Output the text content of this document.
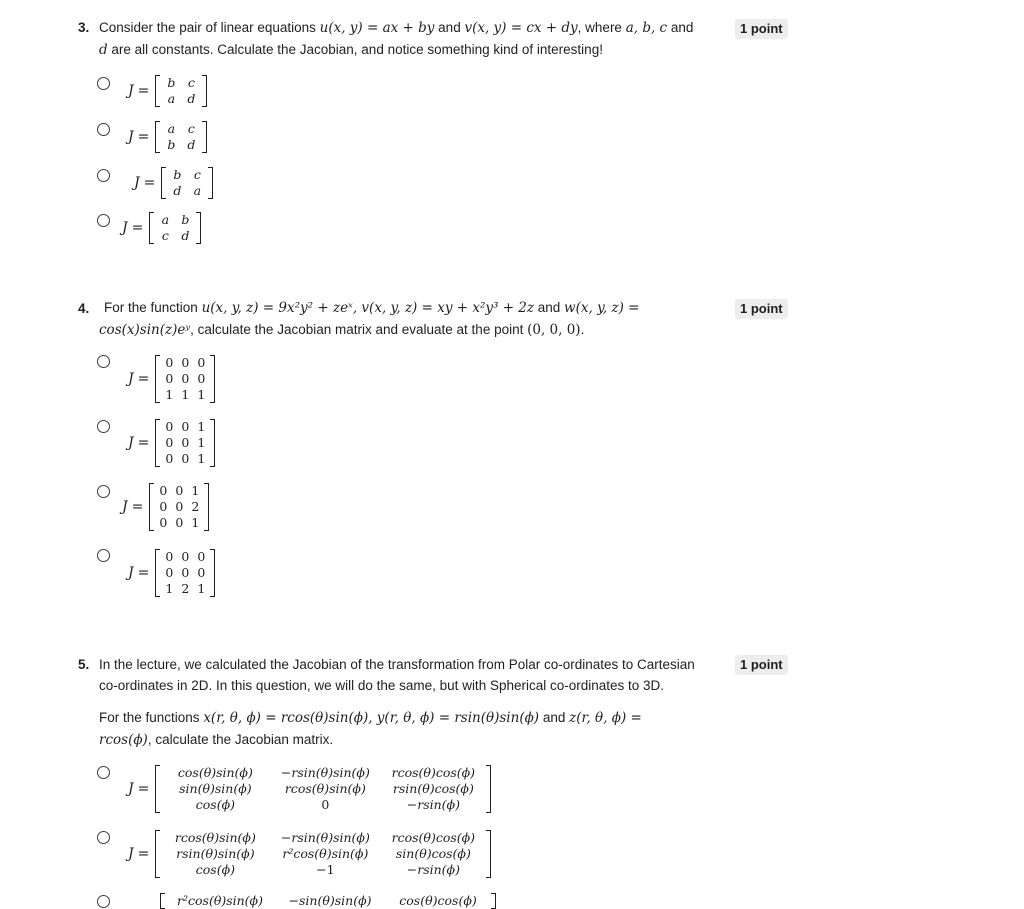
3. Consider the pair of linear equations u(x, y) = ax + by and v(x, y) = cx + dy, where a, b, c and d are all constants. Calculate the Jacobian, and notice something kind of interesting!
1 point
J =
b c
a d
J =
a	c
b d
J =
b c
d a
J =
a b
c d
4. For the function u(x, y, z) = 9x²y² + zeˣ, v(x, y, z) = xy + x²y³ + 2z and w(x, y, z) =
cos(x)sin(z)eʸ, calculate the Jacobian matrix and evaluate at the point (0, 0, 0).
1 point
J =
0 0 0
0 0 0
1 1 1
J =
0 0 1
0 0 1
0 0 1
J =
0 0 1
0 0 2
0 0 1
J =
0 0 0
0 0 0
1 2 1
5. In the lecture, we calculated the Jacobian of the transformation from Polar co-ordinates to Cartesian co-ordinates in 2D. In this question, we will do the same, but with Spherical co-ordinates to 3D.
1 point
For the functions x(r, θ, ϕ) = rcos(θ)sin(ϕ), y(r, θ, ϕ) = rsin(θ)sin(ϕ) and z(r, θ, ϕ) =
rcos(ϕ), calculate the Jacobian matrix.
J =
cos(θ)sin(ϕ)	−rsin(θ)sin(ϕ)	rcos(θ)cos(ϕ)
sin(θ)sin(ϕ)	rcos(θ)sin(ϕ)	rsin(θ)cos(ϕ)
cos(ϕ)	0	−rsin(ϕ)
J =
rcos(θ)sin(ϕ)	−rsin(θ)sin(ϕ)	rcos(θ)cos(ϕ)
rsin(θ)sin(ϕ)	r²cos(θ)sin(ϕ)	sin(θ)cos(ϕ)
cos(ϕ)	−1	−rsin(ϕ)
r²cos(θ)sin(ϕ)	−sin(θ)sin(ϕ)	cos(θ)cos(ϕ)
